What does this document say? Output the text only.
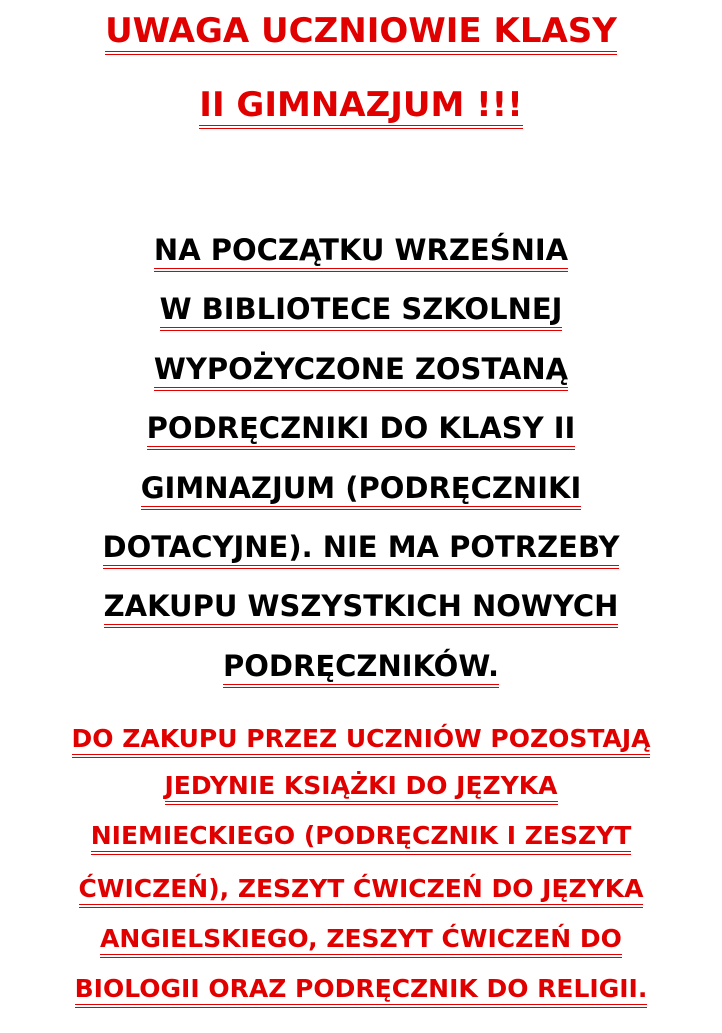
UWAGA UCZNIOWIE KLASY
II GIMNAZJUM !!!
NA POCZĄTKU WRZEŚNIA
W BIBLIOTECE SZKOLNEJ
WYPOŻYCZONE ZOSTANĄ
PODRĘCZNIKI DO KLASY II
GIMNAZJUM (PODRĘCZNIKI
DOTACYJNE). NIE MA POTRZEBY
ZAKUPU WSZYSTKICH NOWYCH
PODRĘCZNIKÓW.
DO ZAKUPU PRZEZ UCZNIÓW POZOSTAJĄ
JEDYNIE KSIĄŻKI DO JĘZYKA
NIEMIECKIEGO (PODRĘCZNIK I ZESZYT
ĆWICZEŃ), ZESZYT ĆWICZEŃ DO JĘZYKA
ANGIELSKIEGO, ZESZYT ĆWICZEŃ DO
BIOLOGII ORAZ PODRĘCZNIK DO RELIGII.
